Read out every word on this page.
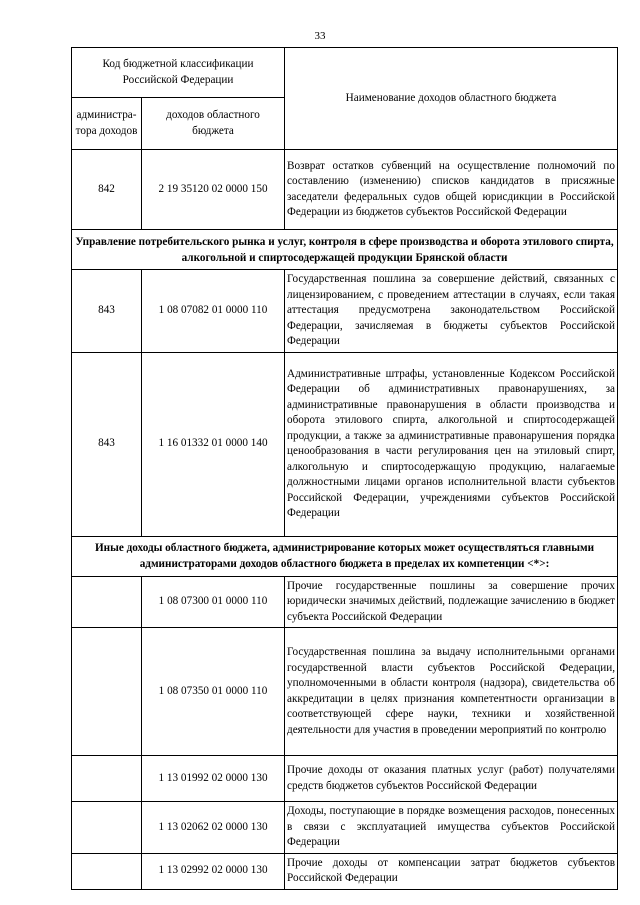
33
Код бюджетной классификации Российской Федерации		Наименование доходов областного бюджета
администра-тора доходов	доходов областного бюджета	
842	2 19 35120 02 0000 150	Возврат остатков субвенций на осуществление полномочий по составлению (изменению) списков кандидатов в присяжные заседатели федеральных судов общей юрисдикции в Российской Федерации из бюджетов субъектов Российской Федерации
Управление потребительского рынка и услуг, контроля в сфере производства и оборота этилового спирта, алкогольной и спиртосодержащей продукции Брянской области		
843	1 08 07082 01 0000 110	Государственная пошлина за совершение действий, связанных с лицензированием, с проведением аттестации в случаях, если такая аттестация предусмотрена законодательством Российской Федерации, зачисляемая в бюджеты субъектов Российской Федерации
843	1 16 01332 01 0000 140	Административные штрафы, установленные Кодексом Российской Федерации об административных правонарушениях, за административные правонарушения в области производства и оборота этилового спирта, алкогольной и спиртосодержащей продукции, а также за административные правонарушения порядка ценообразования в части регулирования цен на этиловый спирт, алкогольную и спиртосодержащую продукцию, налагаемые должностными лицами органов исполнительной власти субъектов Российской Федерации, учреждениями субъектов Российской Федерации
Иные доходы областного бюджета, администрирование которых может осуществляться главными администраторами доходов областного бюджета в пределах их компетенции <*>:		
	1 08 07300 01 0000 110	Прочие государственные пошлины за совершение прочих юридически значимых действий, подлежащие зачислению в бюджет субъекта Российской Федерации
	1 08 07350 01 0000 110	Государственная пошлина за выдачу исполнительными органами государственной власти субъектов Российской Федерации, уполномоченными в области контроля (надзора), свидетельства об аккредитации в целях признания компетентности организации в соответствующей сфере науки, техники и хозяйственной деятельности для участия в проведении мероприятий по контролю
	1 13 01992 02 0000 130	Прочие доходы от оказания платных услуг (работ) получателями средств бюджетов субъектов Российской Федерации
	1 13 02062 02 0000 130	Доходы, поступающие в порядке возмещения расходов, понесенных в связи с эксплуатацией имущества субъектов Российской Федерации
	1 13 02992 02 0000 130	Прочие доходы от компенсации затрат бюджетов субъектов Российской Федерации
